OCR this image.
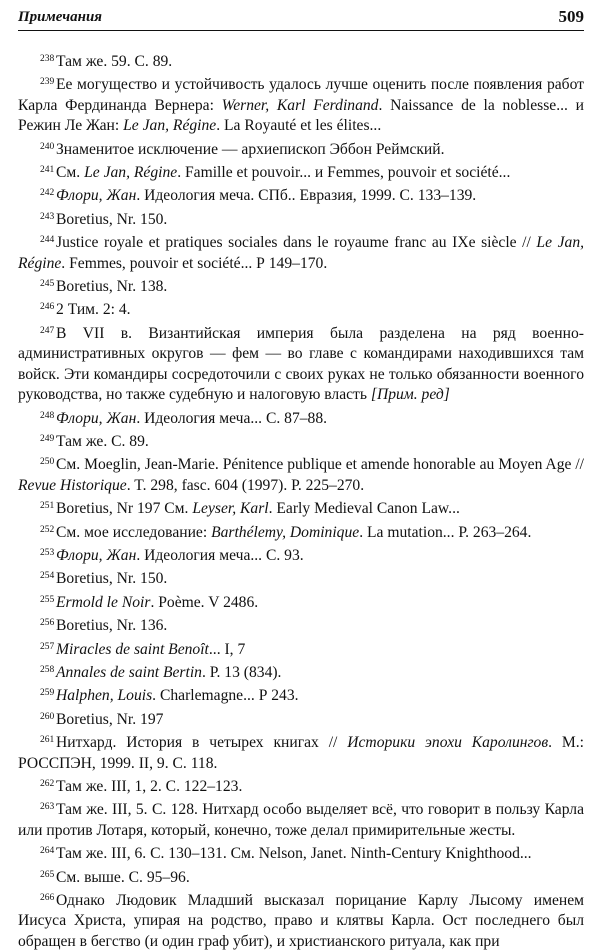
Примечания	509

238 Там же. 59. С. 89.

239 Ее могущество и устойчивость удалось лучше оценить после появления работ Карла Фердинанда Вернера: Werner, Karl Ferdinand. Naissance de la noblesse... и Режин Ле Жан: Le Jan, Régine. La Royauté et les élites...

240 Знаменитое исключение — архиепископ Эббон Реймский.

241 См. Le Jan, Régine. Famille et pouvoir... и Femmes, pouvoir et société...

242 Флори, Жан. Идеология меча. СПб.. Евразия, 1999. С. 133–139.

243 Boretius, Nr. 150.

244 Justice royale et pratiques sociales dans le royaume franc au IXe siècle // Le Jan, Régine. Femmes, pouvoir et société... Р 149–170.

245 Boretius, Nr. 138.

246 2 Тим. 2: 4.

247 В VII в. Византийская империя была разделена на ряд военно-административных округов — фем — во главе с командирами находившихся там войск. Эти командиры сосредоточили с своих руках не только обязанности военного руководства, но также судебную и налоговую власть [Прим. ред]

248 Флори, Жан. Идеология меча... С. 87–88.

249 Там же. С. 89.

250 См. Moeglin, Jean-Marie. Pénitence publique et amende honorable au Moyen Age // Revue Historique. T. 298, fasc. 604 (1997). Р. 225–270.

251 Boretius, Nr 197 См. Leyser, Karl. Early Medieval Canon Law...

252 См. мое исследование: Barthélemy, Dominique. La mutation... Р. 263–264.

253 Флори, Жан. Идеология меча... С. 93.

254 Boretius, Nr. 150.

255 Ermold le Noir. Poème. V 2486.

256 Boretius, Nr. 136.

257 Miracles de saint Benoît... I, 7

258 Annales de saint Bertin. Р. 13 (834).

259 Halphen, Louis. Charlemagne... Р 243.

260 Boretius, Nr. 197

261 Нитхард. История в четырех книгах // Историки эпохи Каролингов. М.: РОССПЭН, 1999. II, 9. С. 118.

262 Там же. III, 1, 2. С. 122–123.

263 Там же. III, 5. С. 128. Нитхард особо выделяет всё, что говорит в пользу Карла или против Лотаря, который, конечно, тоже делал примирительные жесты.

264 Там же. III, 6. С. 130–131. См. Nelson, Janet. Ninth-Century Knighthood...

265 См. выше. С. 95–96.

266 Однако Людовик Младший высказал порицание Карлу Лысому именем Иисуса Христа, упирая на родство, право и клятвы Карла. Ост последнего был обращен в бегство (и один граф убит), и христианского ритуала, как при
